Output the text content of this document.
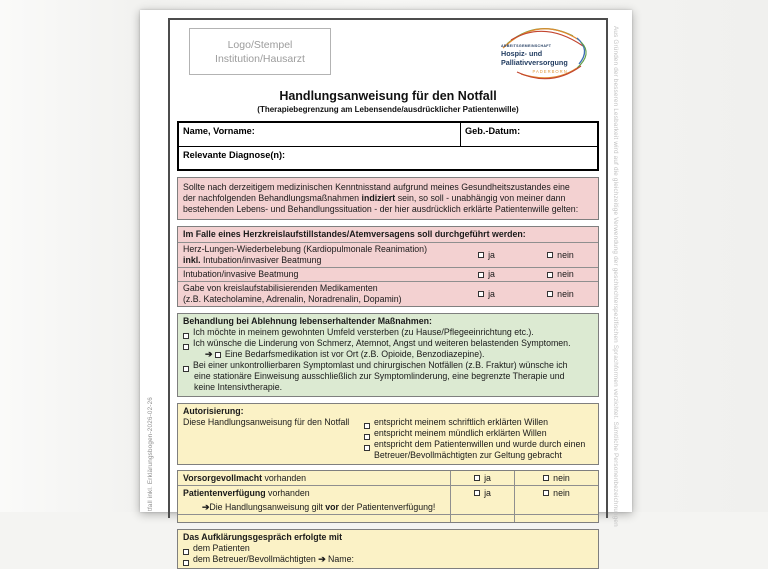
tfall inkl. Erklärungsbogen-2026-02-26	Aus Gründen der besseren Lesbarkeit wird auf die gleichzeitige Verwendung der geschlechterspezifischen Sprachformen verzichtet. Sämtliche Personenbezeichnungen
Logo/Stempel
Institution/Hausarzt
ARBEITSGEMEINSCHAFT
Hospiz- und
Palliativversorgung
PADERBORN
Handlungsanweisung für den Notfall
(Therapiebegrenzung am Lebensende/ausdrücklicher Patientenwille)
Name, Vorname:	Geb.-Datum:
Relevante Diagnose(n):
Sollte nach derzeitigem medizinischen Kenntnisstand aufgrund meines Gesundheitszustandes eine
der nachfolgenden Behandlungsmaßnahmen indiziert sein, so soll - unabhängig von meiner dann
bestehenden Lebens- und Behandlungssituation - der hier ausdrücklich erklärte Patientenwille gelten:
Im Falle eines Herzkreislaufstillstandes/Atemversagens soll durchgeführt werden:
Herz-Lungen-Wiederbelebung (Kardiopulmonale Reanimation)
inkl. Intubation/invasiver Beatmung
ja	nein
Intubation/invasive Beatmung	ja	nein
Gabe von kreislaufstabilisierenden Medikamenten
(z.B. Katecholamine, Adrenalin, Noradrenalin, Dopamin)
ja	nein
Behandlung bei Ablehnung lebenserhaltender Maßnahmen:
Ich möchte in meinem gewohnten Umfeld versterben (zu Hause/Pflegeeinrichtung etc.).
Ich wünsche die Linderung von Schmerz, Atemnot, Angst und weiteren belastenden Symptomen.
➔ Eine Bedarfsmedikation ist vor Ort (z.B. Opioide, Benzodiazepine).
Bei einer unkontrollierbaren Symptomlast und chirurgischen Notfällen (z.B. Fraktur) wünsche ich
eine stationäre Einweisung ausschließlich zur Symptomlinderung, eine begrenzte Therapie und
keine Intensivtherapie.
Autorisierung:
Diese Handlungsanweisung für den Notfall	entspricht meinem schriftlich erklärten Willen
entspricht meinem mündlich erklärten Willen
entspricht dem Patientenwillen und wurde durch einen
Betreuer/Bevollmächtigten zur Geltung gebracht
Vorsorgevollmacht vorhanden	ja	nein
Patientenverfügung vorhanden	ja	nein
➔Die Handlungsanweisung gilt vor der Patientenverfügung!
Das Aufklärungsgespräch erfolgte mit
dem Patienten
dem Betreuer/Bevollmächtigten
➔
Name:
